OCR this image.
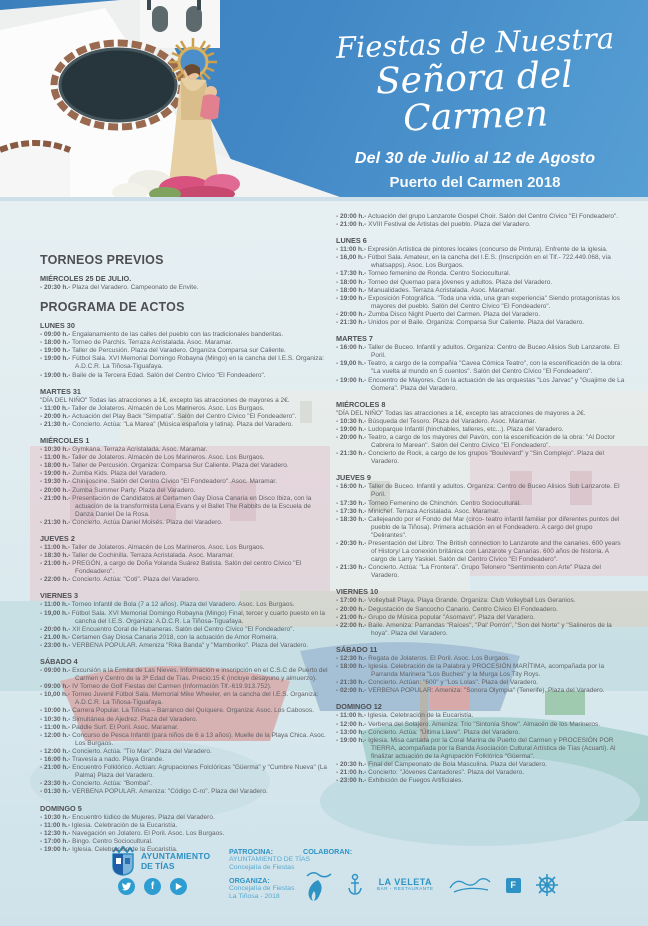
Fiestas de Nuestra
Señora del Carmen
Del 30 de Julio al 12 de Agosto
Puerto del Carmen 2018
TORNEOS PREVIOS
MIÉRCOLES 25 DE JULIO.

- 20:30 h.- Plaza del Varadero. Campeonato de Envite.

PROGRAMA DE ACTOS
LUNES 30

- 09:00 h.- Engalanamiento de las calles del pueblo con las tradicionales banderitas.

- 18:00 h.- Torneo de Parchís. Terraza Acristalada. Asoc. Maramar.

- 19:00 h.- Taller de Percusión. Plaza del Varadero. Organiza Comparsa sur Caliente.

- 19:00 h.- Fútbol Sala. XVI Memorial Domingo Robayna (Mingo) en la cancha del I.E.S. Organiza: A.D.C.R. La Tiñosa-Tiguafaya.

- 19:00 h.- Baile de la Tercera Edad. Salón del Centro Cívico "El Fondeadero".

MARTES 31
"DÍA DEL NIÑO" Todas las atracciones a 1€, excepto las atracciones de mayores a 2€.

- 11:00 h.- Taller de Jolateros. Almacén de Los Marineros. Asoc. Los Burgaos.

- 20:00 h.- Actuación del Play Back "Simpatía". Salón del Centro Cívico "El Fondeadero".

- 21:30 h.- Concierto. Actúa: "La Marea" (Música española y latina). Plaza del Varadero.

MIÉRCOLES 1

- 10:30 h.- Gymkana. Terraza Acristalada. Asoc. Maramar.

- 11:00 h.- Taller de Jolateros. Almacén de Los Marineros. Asoc. Los Burgaos.

- 18:00 h.- Taller de Percusión. Organiza: Comparsa Sur Caliente. Plaza del Varadero.

- 19:00 h.- Zumba Kids. Plaza del Varadero.

- 19:30 h.- Chinijoscine. Salón del Centro Cívico "El Fondeadero". Asoc. Maramar.

- 20:00 h.- Zumba Summer Party. Plaza del Varadero.

- 21:00 h.- Presentación de Candidatos al Certamen Gay Diosa Canaria en Disco Ibiza, con la actuación de la transformista Lena Evans y el Ballet The Rabbits de la Escuela de Danza Daniel De la Rosa.

- 21:30 h.- Concierto. Actúa Daniel Moisés. Plaza del Varadero.

JUEVES 2

- 11:00 h.- Taller de Jolateros. Almacén de Los Marineros. Asoc. Los Burgaos.

- 18:30 h.- Taller de Cochinilla. Terraza Acristalada. Asoc. Maramar.

- 21:00 h.- PREGÓN, a cargo de Doña Yolanda Suárez Batista. Salón del centro Cívico "El Fondeadero".

- 22:00 h.- Concierto. Actúa: "Coti". Plaza del Varadero.

VIERNES 3

- 11:00 h.- Torneo Infantil de Bola (7 a 12 años). Plaza del Varadero. Asoc. Los Burgaos.

- 19,00 h.- Fútbol Sala. XVI Memorial Domingo Robayna (Mingo) Final, tercer y cuarto puesto en la cancha del I.E.S. Organiza: A.D.C.R. La Tiñosa-Tiguafaya.

- 20:00 h.- XII Encuentro Coral de Habaneras. Salón del Centro Cívico "El Fondeadero".

- 21.00 h.- Certamen Gay Diosa Canaria 2018, con la actuación de Amor Romeira.

- 23:00 h.- VERBENA POPULAR. Ameniza "Rika Banda" y "Mamboriko". Plaza del Varadero.

SÁBADO 4

- 09:00 h.- Excursión a la Ermita de Las Nieves. Información e inscripción en el C.S.C de Puerto del Carmen y Centro de la 3ª Edad de Tías. Precio:15 € (incluye desayuno y almuerzo).

- 09:00 h.- IV Torneo de Golf Fiestas del Carmen (Información Tlf.-619.913.752).

- 10,00 h.- Torneo Juvenil Fútbol Sala. Memorial Mike Wheeler, en la cancha del I.E.S. Organiza: A.D.C.R. La Tiñosa-Tiguafaya.

- 10:00 h.- Carrera Popular. La Tiñosa – Barranco del Quíquere. Organiza: Asoc. Los Cabosos.

- 10:30 h.- Simultánea de Ajedrez. Plaza del Varadero.

- 11:00 h.- Paddle Surf. El Poril. Asoc. Maramar.

- 12:00 h.- Concurso de Pesca Infantil (para niños de 6 a 13 años). Muelle de la Playa Chica. Asoc. Los Burgaos.

- 12:00 h.- Concierto. Actúa. "Tío Max". Plaza del Varadero.

- 16:00 h.- Travesía a nado. Playa Grande.

- 21:00 h.- Encuentro Folklórico. Actúan: Agrupaciones Folclóricas "Güerma" y "Cumbre Nueva" (La Palma) Plaza del Varadero.

- 23:30 h.- Concierto. Actúa: "Bombai".

- 01:30 h.- VERBENA POPULAR. Ameniza: "Código C-ro". Plaza del Varadero.

DOMINGO 5

- 10:30 h.- Encuentro lúdico de Mujeres. Plaza del Varadero.

- 11:00 h.- Iglesia. Celebración de la Eucaristía.

- 12:30 h.- Navegación en Jolatero. El Poril. Asoc. Los Burgaos.

- 17:00 h.- Bingo. Centro Sociocultural.

- 19:00 h.- Iglesia. Celebración de la Eucaristía.

- 20:00 h.- Actuación del grupo Lanzarote Gospel Choir. Salón del Centro Cívico "El Fondeadero".

- 21:00 h.- XVIII Festival de Artistas del pueblo. Plaza del Varadero.

LUNES 6

- 11:00 h.- Expresión Artística de pintores locales (concurso de Pintura). Enfrente de la iglesia.

- 16,00 h.- Fútbol Sala. Amateur, en la cancha del I.E.S. (Inscripción en el Tlf.- 722.449.068, vía whatsapps). Asoc. Los Burgaos.

- 17:30 h.- Torneo femenino de Ronda. Centro Sociocultural.

- 18:00 h.- Torneo del Quemao para jóvenes y adultos. Plaza del Varadero.

- 18:00 h.- Manualidades. Terraza Acristalada. Asoc. Maramar.

- 19:00 h.- Exposición Fotográfica. "Toda una vida, una gran experiencia" Siendo protagonistas los mayores del pueblo. Salón del Centro Cívico "El Fondeadero".

- 20:00 h.- Zumba Disco Night Puerto del Carmen. Plaza del Varadero.

- 21:30 h.- Unidos por el Baile. Organiza: Comparsa Sur Caliente. Plaza del Varadero.

MARTES 7

- 16:00 h.- Taller de Buceo. Infantil y adultos. Organiza: Centro de Buceo Alisios Sub Lanzarote. El Poril.

- 19,00 h.- Teatro, a cargo de la compañía "Cavea Cómica Teatro", con la escenificación de la obra: "La vuelta al mundo en 5 cuentos". Salón del Centro Cívico "El Fondeadero".

- 19:00 h.- Encuentro de Mayores. Con la actuación de las orquestas "Los Jarvac" y "Guajime de La Gomera". Plaza del Varadero.

MIÉRCOLES 8
"DÍA DEL NIÑO" Todas las atracciones a 1€, excepto las atracciones de mayores a 2€.

- 10:30 h.- Búsqueda del Tesoro. Plaza del Varadero. Asoc. Maramar.

- 19:00 h.- Ludoparque Infantil (hinchables, talleres, etc...). Plaza del Varadero.

- 20:00 h.- Teatro, a cargo de los mayores del Pavón, con la escenificación de la obra: "Al Doctor Cabrera lo Marean". Salón del Centro Cívico "El Fondeadero".

- 21:30 h.- Concierto de Rock, a cargo de los grupos "Boulevard" y "Sin Complejo". Plaza del Varadero.

JUEVES 9

- 16:00 h.- Taller de Buceo. Infantil y adultos. Organiza: Centro de Buceo Alisios Sub Lanzarote. El Poril.

- 17:30 h.- Torneo Femenino de Chinchón. Centro Sociocultural.

- 17:30 h.- Minichef. Terraza Acristalada. Asoc. Maramar.

- 18:30 h.- Callejeando por el Fondo del Mar (circo- teatro infantil familiar por diferentes puntos del pueblo de la Tiñosa). Primera actuación en el Fondeadero. A cargo del grupo "Delirantes".

- 20:30 h.- Presentación del Libro: The British connection to Lanzarote and the canaries. 600 years of History/ La conexión británica con Lanzarote y Canarias. 600 años de historia. A cargo de Larry Yaskiel. Salón del Centro Cívico "El Fondeadero".

- 21:30 h.- Concierto. Actúa: "La Frontera". Grupo Telonero "Sentimiento con Arte" Plaza del Varadero.

VIERNES 10

- 17:00 h.- Volleyball Playa. Playa Grande. Organiza: Club Volleyball Los Geranios.

- 20:00 h.- Degustación de Sancocho Canario. Centro Cívico El Fondeadero.

- 21:00 h.- Grupo de Música popular "Asomavo". Plaza del Varadero.

- 22:00 h.- Baile. Ameniza: Parrandas "Raíces", "Pal' Porrón", "Son del Norte" y "Salineros de la hoya". Plaza del Varadero.

SÁBADO 11

- 12:30 h.- Regata de Jolateros. El Poril. Asoc. Los Burgaos.

- 18:00 h.- Iglesia. Celebración de la Palabra y PROCESIÓN MARÍTIMA, acompañada por la Parranda Marinera "Los Buches" y la Murga Los Tity Roys.

- 21:30 h.- Concierto. Actúan: "600" y "Los Lolas". Plaza del Varadero.

- 02:00 h.- VERBENA POPULAR: Ameniza: "Sonora Olympia" (Tenerife). Plaza del Varadero.

DOMINGO 12

- 11:00 h.- Iglesia. Celebración de la Eucaristía.

- 12:00 h.- Verbena del Solajero. Ameniza: Trio "Sintonía Show". Almacén de los Marineros.

- 13:00 h.- Concierto. Actúa: "Última Llave". Plaza del Varadero.

- 19:00 h.- Iglesia. Misa cantada por la Coral Marina de Puerto del Carmen y PROCESIÓN POR TIERRA, acompañada por la Banda Asociación Cultural Artística de Tías (Acuarti). Al finalizar actuación de la Agrupación Folklórica "Güerma".

- 20:30 h.- Final del Campeonato de Bola Masculina. Plaza del Varadero.

- 21:00 h.- Concierto: "Jóvenes Cantadores". Plaza del Varadero.

- 23:00 h.- Exhibición de Fuegos Artificiales.

AYUNTAMIENTO
DE TÍAS
f
PATROCINA:
AYUNTAMIENTO DE TÍAS
Concejalía de Fiestas
ORGANIZA:
Concejalía de Fiestas
La Tiñosa - 2018
COLABORAN:
LA VELETA
BAR - RESTAURANTE	F
